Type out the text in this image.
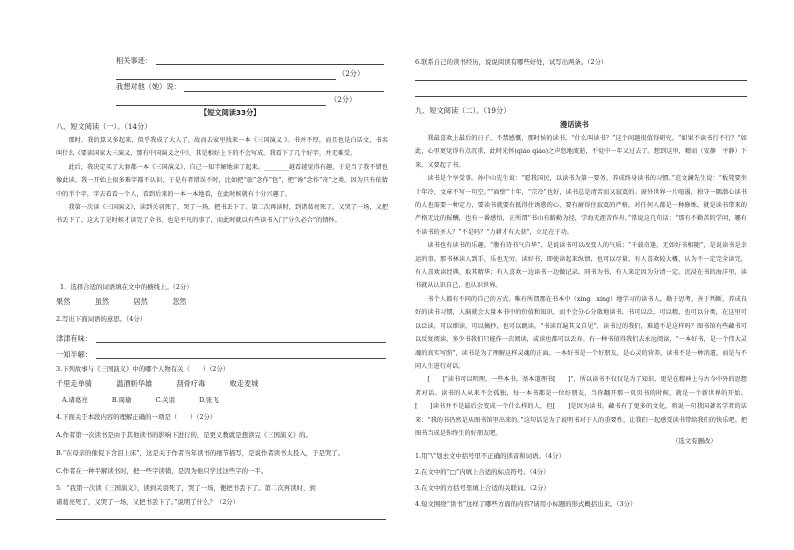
相关事迹：
（2分）
我想对他（她）说：
（2分）
【短文阅读33分】
八、短文阅读（一）。（14分）

那时，我的算又多起来，似乎我成了大人了，故而去家里找来一本《三国演义 》。书并不厚，而且也是白话文，书名叫什么《要读国家大三演义，那有中国演义之中》，其是相好上下的不会写成。我看下了几个好字，并无难受。

此后，我决定买了大套都一本《三国演义》，自己一知半解地读了起来。________越看越觉得有趣，于是当了我不错也像此读。我一开始上很多难字都不认识，于是有者错误不时，比如把“旅”念作“包”，把“谗”念作“奇”之类。因为只有依猜中的半个字，字去看看一个人，看到后来的一本一本地看，在此时候就有十分兴趣了。

我第一次读《三国演义》，读到关羽死了，哭了一场，把书丢下了。第二次再读时，到诸葛亮死了，又哭了一场，又把书丢下了。这大了是时候才读完了全书，也是平凡的事了，而此时就以有些读书入门“分久必合”的情怀。

1．选择合适的词语填在文中的横线上。（2分）
果然	虽然	居然	忽然
2.写出下面词语的意思。（4分）
津津有味：
一知半解：
3.下列故事与《三国演义》中的哪个人物有关（　　）（2分）
千里走单骑	温酒斩华雄	刮骨疗毒	败走麦城
A.诸葛亮	B.周瑜	C.关羽	D.张飞
4.下面关于本段内容的理解正确的一项是（　　）（2分）
A.作者第一次读书是由于其他读书的影响下进行的，是更义教就是想读完《三国演义》的。
B.“在母亲的催促下含泪上床”，这是关于作者当年读书的细节描写，是说作者读书太投入，于是哭了。
C.作者在一种半解读书时，把一些字读错，是因为他只学过这些字的一半。
5．“我第一次读《三国演义》，读到关羽死了，哭了一场，便把书丢下了。第二次再读时，到
诸葛亮死了，又哭了一场，又把书丢下了。”说明了什么？（2分）
6.联系自己的读书经历，说说阅读有哪些好处，试写出两条。（2分）
九、短文阅读（二）。（19分）
漫话读书

我最喜欢上最后的日子，不禁感慨，那时侯的读书。“什么叫读书？”这个问题很值得研究。“如果不读书行不行？”如此，心里更觉得有点沉重，此时光怀(qiáo qiáo)之声悠地流逝，不觉中一年又过去了。想到这里，精而（安静　平静）下来，又要起了书。

读书是个享受事。孙中山先生说：“愿我国民，以读书为第一要务，养成终身读书的习惯。”范文澜先生说：“板凳要坐十年冷，文章不写一句空。”“面壁”十年，“宗冷”也好，读书总是清苦而又寂寞的。窗外世界一片喧嚣，独守一隅潜心读书的人也需要一种定力，要读书就要有抵得住诱惑的心，要有耐得住寂寞的严格，对任何人都是一种修炼，就是读书带来的严格无比的报酬，也有一番感悟，正所谓“书山有路勤为径，学海无涯苦作舟。”常说这几句话：“那有不勤苦的学问，哪有不读书的圣人？”不是吗？“力耕才有大获”，立足在于功。

读书也有读书的乐趣。“腹有诗书气自华”，是说读书可以改变人的气质；“千载奇逢，无如好书相随”，是说读书是幸运的事。那书林读人到手，乐也无穷。读好书，即使读起来纵情，也可以尽量。有人喜欢较大概，认为不一定完全读完，有人喜欢读经典，取其精华；有人喜欢一边读书一边做记录。同书为书，有人来定因为分清一定。沉浸在书的海洋里，读书就从认识自己，也认识世界。

书个人都有不同的自己的方式。唯有所谓那在书本中（xíng　xíng）地学习的读书人，勤于思考，善于判断，养成良好的读书习惯，人脑就会大量本书中的价值和知识，而不会分心分散地读书，书可以泛，可以精，也可以分类，在这里可以泛读，可以细读，可以摘抄，也可以跳读。“书读百遍其义自见”，读书过的我们，难道不是这样吗？图书馆有些藏书可以反复阅读，多少书我们只能作一次阅读，或读也都可以丢弃。有一种书值得我们去永远阅读，“一本好书，是一个伟大灵魂的真实写照”，读书是为了理解这样灵魂的正面。一本好书是一个好朋友，是心灵的营养，读书不是一种消遣，而是与不同人生进行对话。

[　　]“读书可以明理，一些本书，基本道理书[　　]”，所以读书不仅仅是为了知识，更是在精神上与古今中外的思想者对话。读书的人从来不会孤独，每一本书都是一位好朋友，当你翻开那一页页书的时候，就是一个新世界的开始。[　　]读书并不是最后会变成一个什么样的人，但[　　]是因为读书，藏书有了更多的文化，将说一句我国著名学者的话来：“我的书仍然是从图书馆里出来的。”这句话是为了说明书对于人的重要性，让我们一起感受读书带给我们的快乐吧。把图书当成是你终生的好朋友吧。

（选文有删改）
1.用“\”划去文中括号里不正确的读音和词语。（4分）
2.在文中的“□”内填上合适的标点符号。（4分）
3.在文中的方括号里填上合适的关联词。（2分）
4.短文围绕“读书”这样了哪些方面的内容?请用小标题的形式概括出来。（3分）
